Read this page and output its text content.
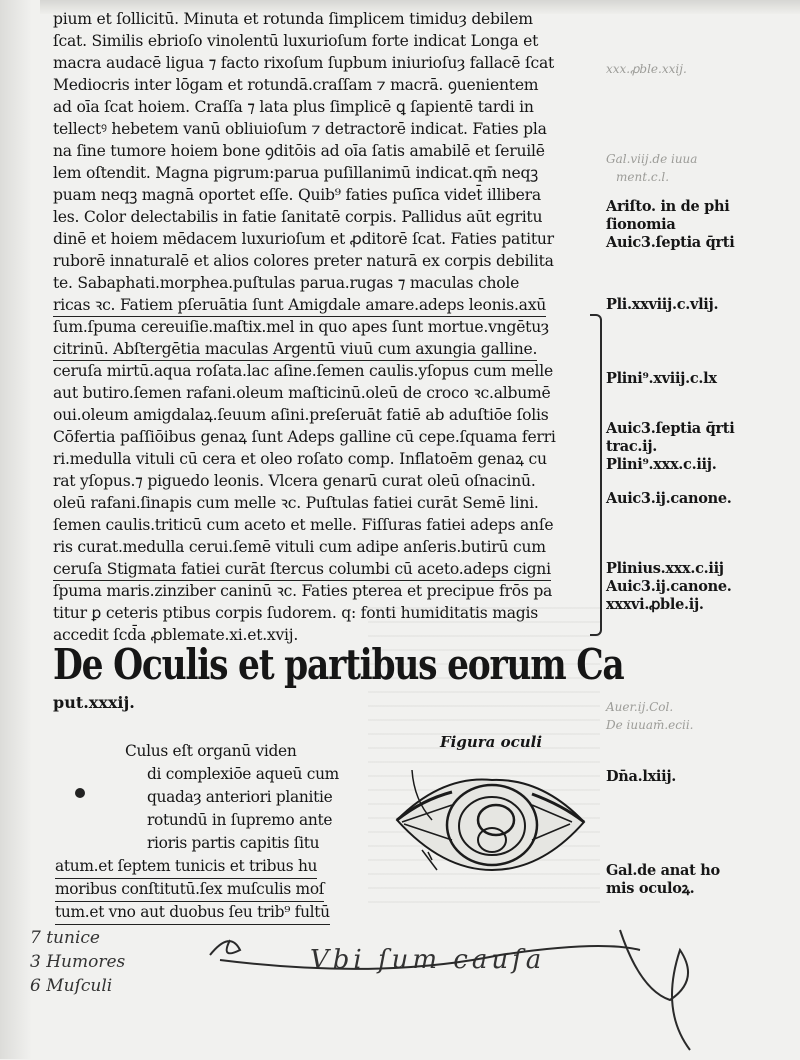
pium et ſollicitū. Minuta et rotunda ſimplicem timiduȝ debilem
ſcat. Similis ebrioſo vinolentū luxurioſum forte indicat Longa et
macra audacē ligua ⁊ facto rixoſum ſupbum iniurioſuȝ fallacē ſcat
Mediocris inter lōgam et rotundā.craſſam ⁊ macrā. ꝯuenientem
ad oīa ſcat hoiem. Craſſa ⁊ lata plus ſimplicē ꝗ ſapientē tardi in
tellectꝰ hebetem vanū obliuioſum ⁊ detractorē indicat. Faties pla
na ſine tumore hoiem bone ꝯditōis ad oīa ſatis amabilē et ſeruilē
lem oſtendit. Magna pigrum:parua puſillanimū indicat.qm̄ neqꝫ
puam neqꝫ magnā oportet eſſe. Quib⁹ faties puſīca videt̄ illibera
les. Color delectabilis in fatie ſanitatē corpis. Pallidus aūt egritu
dinē et hoiem mēdacem luxurioſum et ꝓditorē ſcat. Faties patitur
ruborē innaturalē et alios colores preter naturā ex corpis debilita
te. Sabaphati.morphea.puſtulas parua.rugas ⁊ maculas chole
ricas ꝛc. Fatiem pſeruātia ſunt Amigdale amare.adeps leonis.axū
ſum.ſpuma cereuiſie.maſtix.mel in quo apes ſunt mortue.vngētuȝ
citrinū. Abſtergētia maculas Argentū viuū cum axungia galline.
ceruſa mirtū.aqua roſata.lac aſine.ſemen caulis.yſopus cum melle
aut butiro.ſemen rafani.oleum maſticinū.oleū de croco ꝛc.albumē
oui.oleum amigdalaꝝ.ſeuum aſini.preſeruāt fatiē ab aduſtiōe ſolis
Cōfertia paſſiōibus genaꝝ ſunt Adeps galline cū cepe.ſquama ferri
ri.medulla vituli cū cera et oleo roſato comp. Inflatoēm genaꝝ cu
rat yſopus.⁊ piguedo leonis. Vlcera genarū curat oleū oſnacinū.
oleū rafani.ſinapis cum melle ꝛc. Puſtulas fatiei curāt Semē lini.
ſemen caulis.triticū cum aceto et melle. Fiſſuras fatiei adeps anſe
ris curat.medulla cerui.ſemē vituli cum adipe anſeris.butirū cum
ceruſa Stigmata fatiei curāt ſtercus columbi cū aceto.adeps cigni
ſpuma maris.zinziber caninū ꝛc. Faties pterea et precipue frōs pa
titur ꝑ ceteris ptibus corpis ſudorem. q: fonti humiditatis magis
accedit ſcd̄a ꝓblemate.xi.et.xvij.
xxx.ꝓble.xxij.
Gal.viij.de iuua
ment.c.l.
Auer.ij.Col.
De iuuam̄.ecii.
Ariſto. in de phi
ſionomia
Auic3.ſeptia q̄rti
Pli.xxviij.c.vlij.
Plini⁹.xviij.c.lx
Auic3.ſeptia q̄rti
trac.ij.
Plini⁹.xxx.c.iij.
Auic3.ij.canone.
Plinius.xxx.c.iij
Auic3.ij.canone.
xxxvi.ꝓble.ij.
Dn̄a.lxiij.
Gal.de anat ho
mis oculoꝝ.
De Oculis et partibus eorum Ca
put.xxxij.
Culus eſt organū viden
di complexiōe aqueū cum
quadaȝ anteriori planitie
rotundū in ſupremo ante
rioris partis capitis ſitu
atum.et ſeptem tunicis et tribus hu
moribus conſtitutū.ſex muſculis moſ
tum.et vno aut duobus ſeu trib⁹ fultū
Figura oculi
7 tunice
3 Humores
6 Muſculi
Vbi ſum cauſa
